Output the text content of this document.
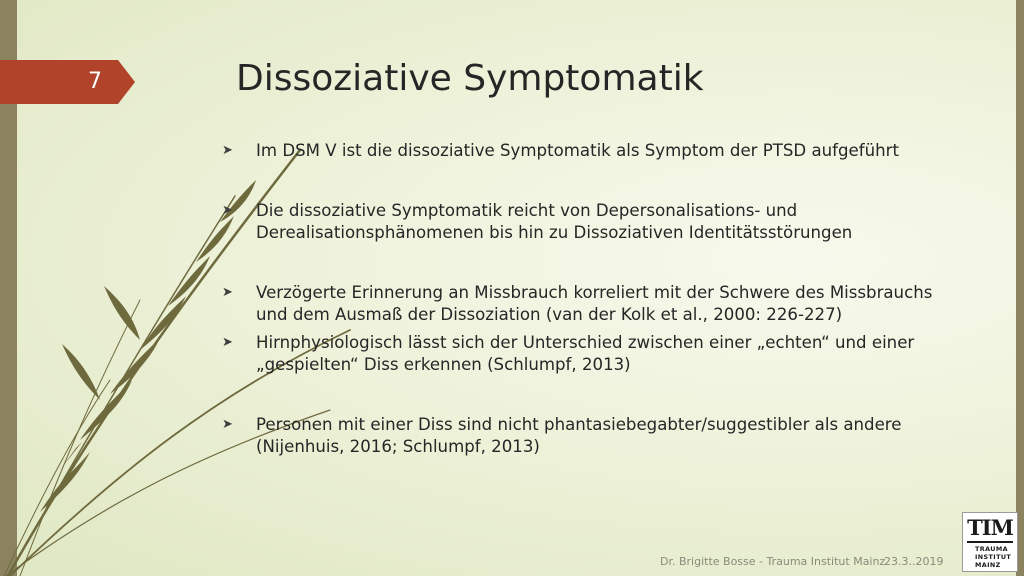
7	Dissoziative Symptomatik
➤	Im DSM V ist die dissoziative Symptomatik als Symptom der PTSD aufgeführt
➤	Die dissoziative Symptomatik reicht von Depersonalisations- und Derealisationsphänomenen bis hin zu Dissoziativen Identitätsstörungen
➤	Verzögerte Erinnerung an Missbrauch korreliert mit der Schwere des Missbrauchs und dem Ausmaß der Dissoziation (van der Kolk et al., 2000: 226-227)
➤	Hirnphysiologisch lässt sich der Unterschied zwischen einer „echten“ und einer „gespielten“ Diss erkennen (Schlumpf, 2013)
➤	Personen mit einer Diss sind nicht phantasiebegabter/suggestibler als andere (Nijenhuis, 2016; Schlumpf, 2013)
Dr. Brigitte Bosse - Trauma Institut Mainz
23.3..2019
TIM
TRAUMA
INSTITUT
MAINZ
